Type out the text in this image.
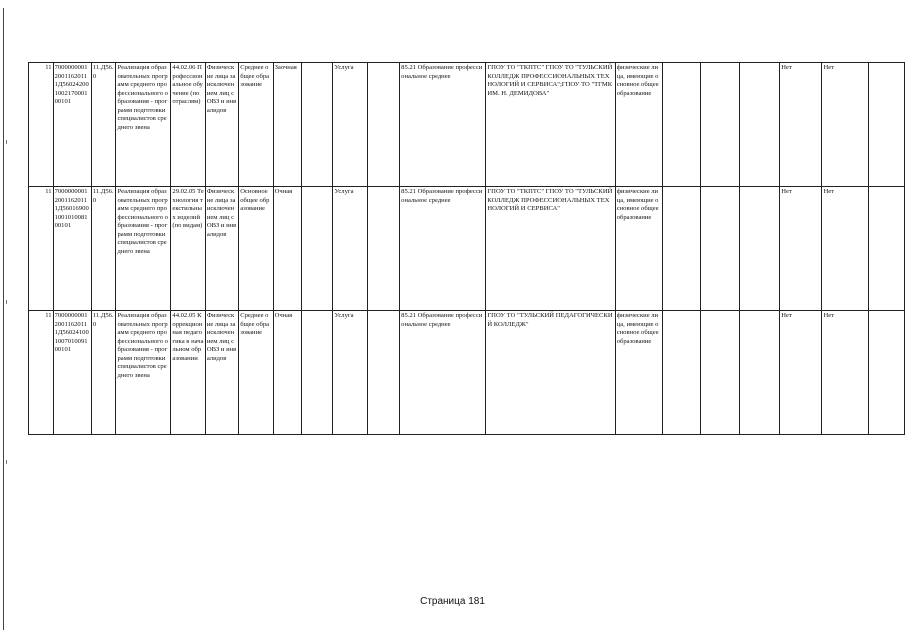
11	700000000120011620111Д56024200100217000100101	11.Д56.0	Реализация образовательных программ среднего профессионального образования - программ подготовки специалистов среднего звена	44.02.06 Профессиональное обучение (по отраслям)	Физические лица за исключением лиц с ОВЗ и инвалидов	Среднее общее образование	Заочная		Услуга		85.21 Образование профессиональное среднее	ГПОУ ТО "ТКПТС" ГПОУ ТО "ТУЛЬСКИЙ КОЛЛЕДЖ ПРОФЕССИОНАЛЬНЫХ ТЕХНОЛОГИЙ И СЕРВИСА";ГПОУ ТО "ТГМК ИМ. Н. ДЕМИДОВА"	физические лица, имеющие основное общее образование				Нет	Нет	
11	700000000120011620111Д56016900100101008100101	11.Д56.0	Реализация образовательных программ среднего профессионального образования - программ подготовки специалистов среднего звена	29.02.05 Технология текстильных изделий (по видам)	Физические лица за исключением лиц с ОВЗ и инвалидов	Основное общее образование	Очная		Услуга		85.21 Образование профессиональное среднее	ГПОУ ТО "ТКПТС" ГПОУ ТО "ТУЛЬСКИЙ КОЛЛЕДЖ ПРОФЕССИОНАЛЬНЫХ ТЕХНОЛОГИЙ И СЕРВИСА"	физические лица, имеющие основное общее образование				Нет	Нет	
11	700000000120011620111Д56024100100701009100101	11.Д56.0	Реализация образовательных программ среднего профессионального образования - программ подготовки специалистов среднего звена	44.02.05 Коррекционная педагогика в начальном образовании	Физические лица за исключением лиц с ОВЗ и инвалидов	Среднее общее образование	Очная		Услуга		85.21 Образование профессиональное среднее	ГПОУ ТО "ТУЛЬСКИЙ ПЕДАГОГИЧЕСКИЙ КОЛЛЕДЖ"	физические лица, имеющие основное общее образование				Нет	Нет	
Страница 181
